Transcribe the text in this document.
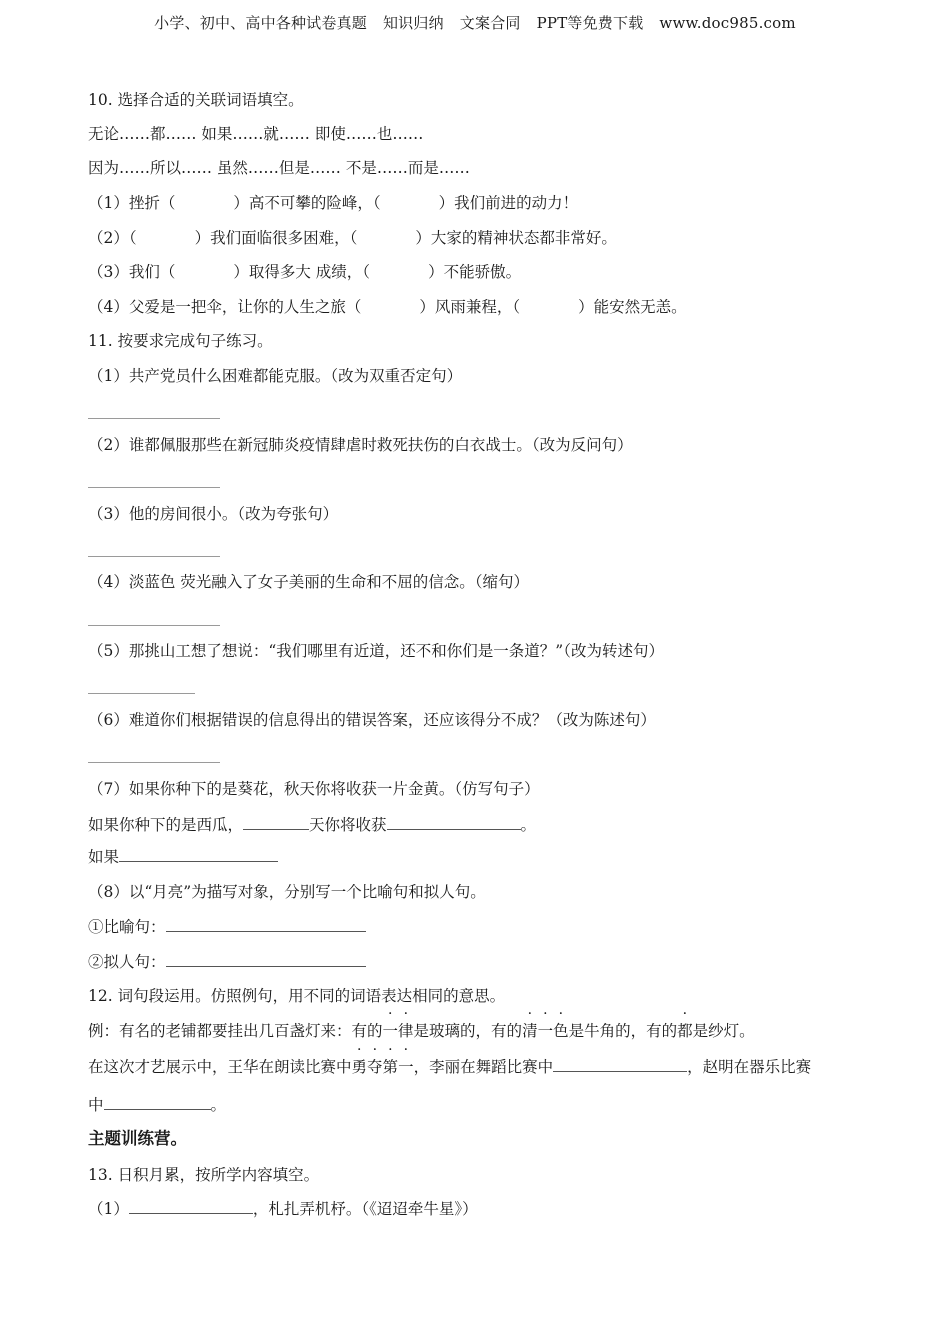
小学、初中、高中各种试卷真题 知识归纳 文案合同 PPT等免费下载 www.doc985.com
10. 选择合适的关联词语填空。
无论……都…… 如果……就…… 即使……也……
因为……所以…… 虽然……但是…… 不是……而是……
（1）挫折（	）高不可攀的险峰，（	）我们前进的动力！
（2）（	）我们面临很多困难，（	）大家的精神状态都非常好。
（3）我们（	）取得多大 成绩，（	）不能骄傲。
（4）父爱是一把伞，让你的人生之旅（	）风雨兼程，（	）能安然无恙。
11. 按要求完成句子练习。
（1）共产党员什么困难都能克服。（改为双重否定句）
（2）谁都佩服那些在新冠肺炎疫情肆虐时救死扶伤的白衣战士。（改为反问句）
（3）他的房间很小。（改为夸张句）
（4）淡蓝色 荧光融入了女子美丽的生命和不屈的信念。（缩句）
（5）那挑山工想了想说：“我们哪里有近道，还不和你们是一条道？”（改为转述句）
（6）难道你们根据错误的信息得出的错误答案，还应该得分不成？（改为陈述句）
（7）如果你种下的是葵花，秋天你将收获一片金黄。（仿写句子）
如果你种下的是西瓜，	天你将收获	。
如果
（8）以“月亮”为描写对象，分别写一个比喻句和拟人句。
①比喻句：
②拟人句：
12. 词句段运用。仿照例句，用不同的词语表达相同的意思。
例：有名的老铺都要挂出几百盏灯来：有的一律是玻璃的，有的清一色是牛角的，有的都是纱灯。
在这次才艺展示中，王华在朗读比赛中勇夺第一，李丽在舞蹈比赛中	，赵明在器乐比赛
中	。
主题训练营。
13. 日积月累，按所学内容填空。
（1）	，札扎弄机杼。（《迢迢牵牛星》）
